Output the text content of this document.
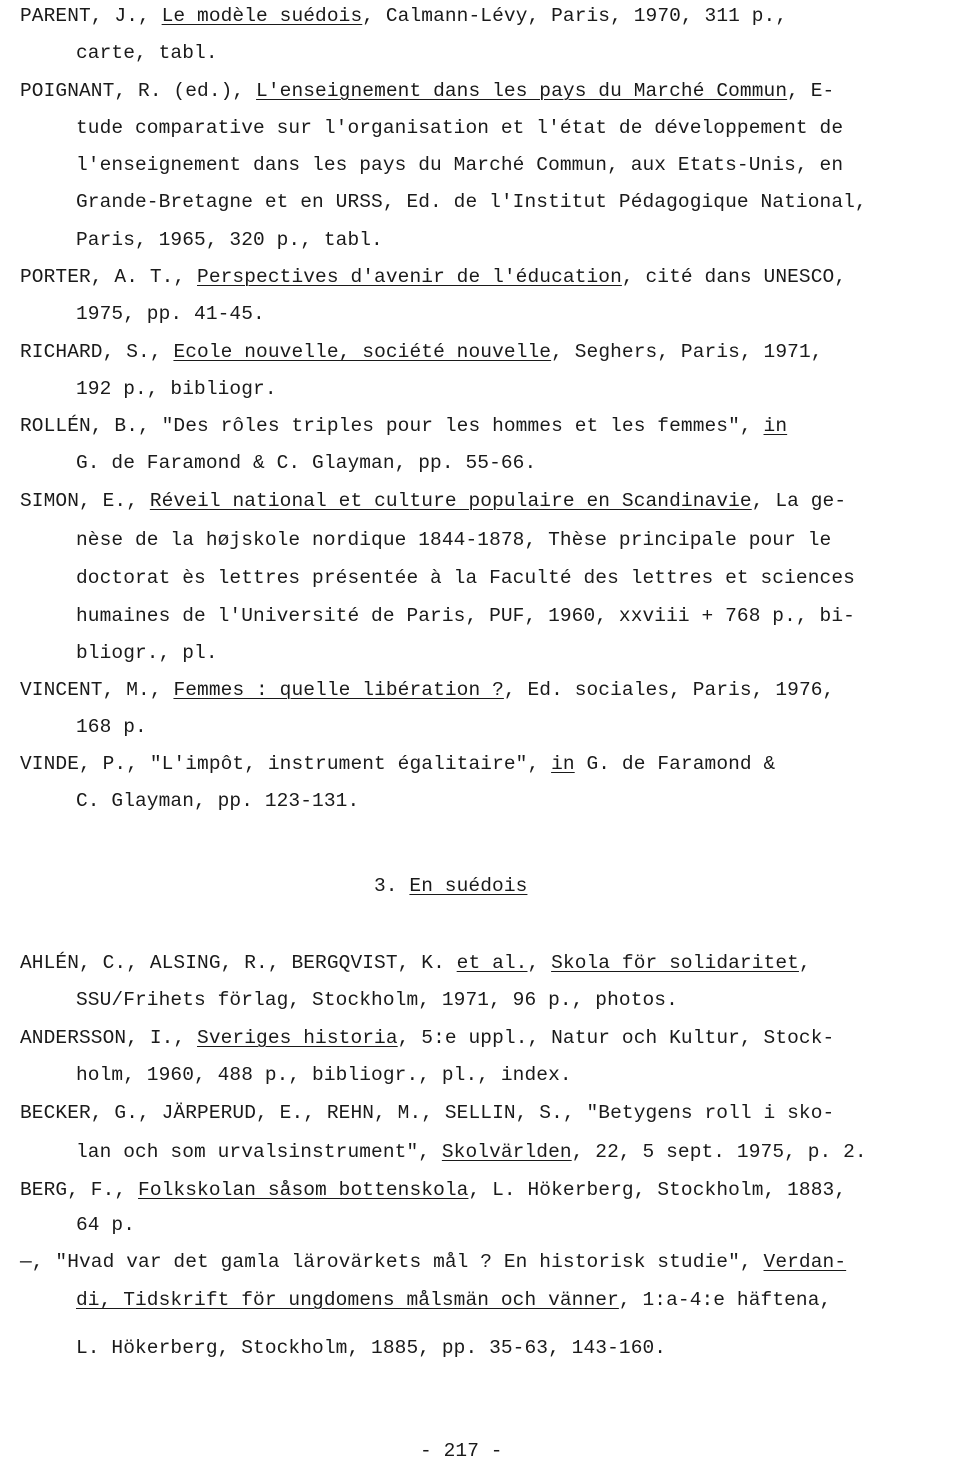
PARENT, J., Le modèle suédois, Calmann-Lévy, Paris, 1970, 311 p.,
carte, tabl.
POIGNANT, R. (ed.), L'enseignement dans les pays du Marché Commun, E-
tude comparative sur l'organisation et l'état de développement de
l'enseignement dans les pays du Marché Commun, aux Etats-Unis, en
Grande-Bretagne et en URSS, Ed. de l'Institut Pédagogique National,
Paris, 1965, 320 p., tabl.
PORTER, A. T., Perspectives d'avenir de l'éducation, cité dans UNESCO,
1975, pp. 41-45.
RICHARD, S., Ecole nouvelle, société nouvelle, Seghers, Paris, 1971,
192 p., bibliogr.
ROLLÉN, B., "Des rôles triples pour les hommes et les femmes", in
G. de Faramond & C. Glayman, pp. 55-66.
SIMON, E., Réveil national et culture populaire en Scandinavie, La ge-
nèse de la højskole nordique 1844-1878, Thèse principale pour le
doctorat ès lettres présentée à la Faculté des lettres et sciences
humaines de l'Université de Paris, PUF, 1960, xxviii + 768 p., bi-
bliogr., pl.
VINCENT, M., Femmes : quelle libération ?, Ed. sociales, Paris, 1976,
168 p.
VINDE, P., "L'impôt, instrument égalitaire", in G. de Faramond &
C. Glayman, pp. 123-131.
3. En suédois
AHLÉN, C., ALSING, R., BERGQVIST, K. et al., Skola för solidaritet,
SSU/Frihets förlag, Stockholm, 1971, 96 p., photos.
ANDERSSON, I., Sveriges historia, 5:e uppl., Natur och Kultur, Stock-
holm, 1960, 488 p., bibliogr., pl., index.
BECKER, G., JÄRPERUD, E., REHN, M., SELLIN, S., "Betygens roll i sko-
lan och som urvalsinstrument", Skolvärlden, 22, 5 sept. 1975, p. 2.
BERG, F., Folkskolan såsom bottenskola, L. Hökerberg, Stockholm, 1883,
64 p.
—, "Hvad var det gamla lärovärkets mål ? En historisk studie", Verdan-
di, Tidskrift för ungdomens målsmän och vänner, 1:a-4:e häftena,
L. Hökerberg, Stockholm, 1885, pp. 35-63, 143-160.
- 217 -
